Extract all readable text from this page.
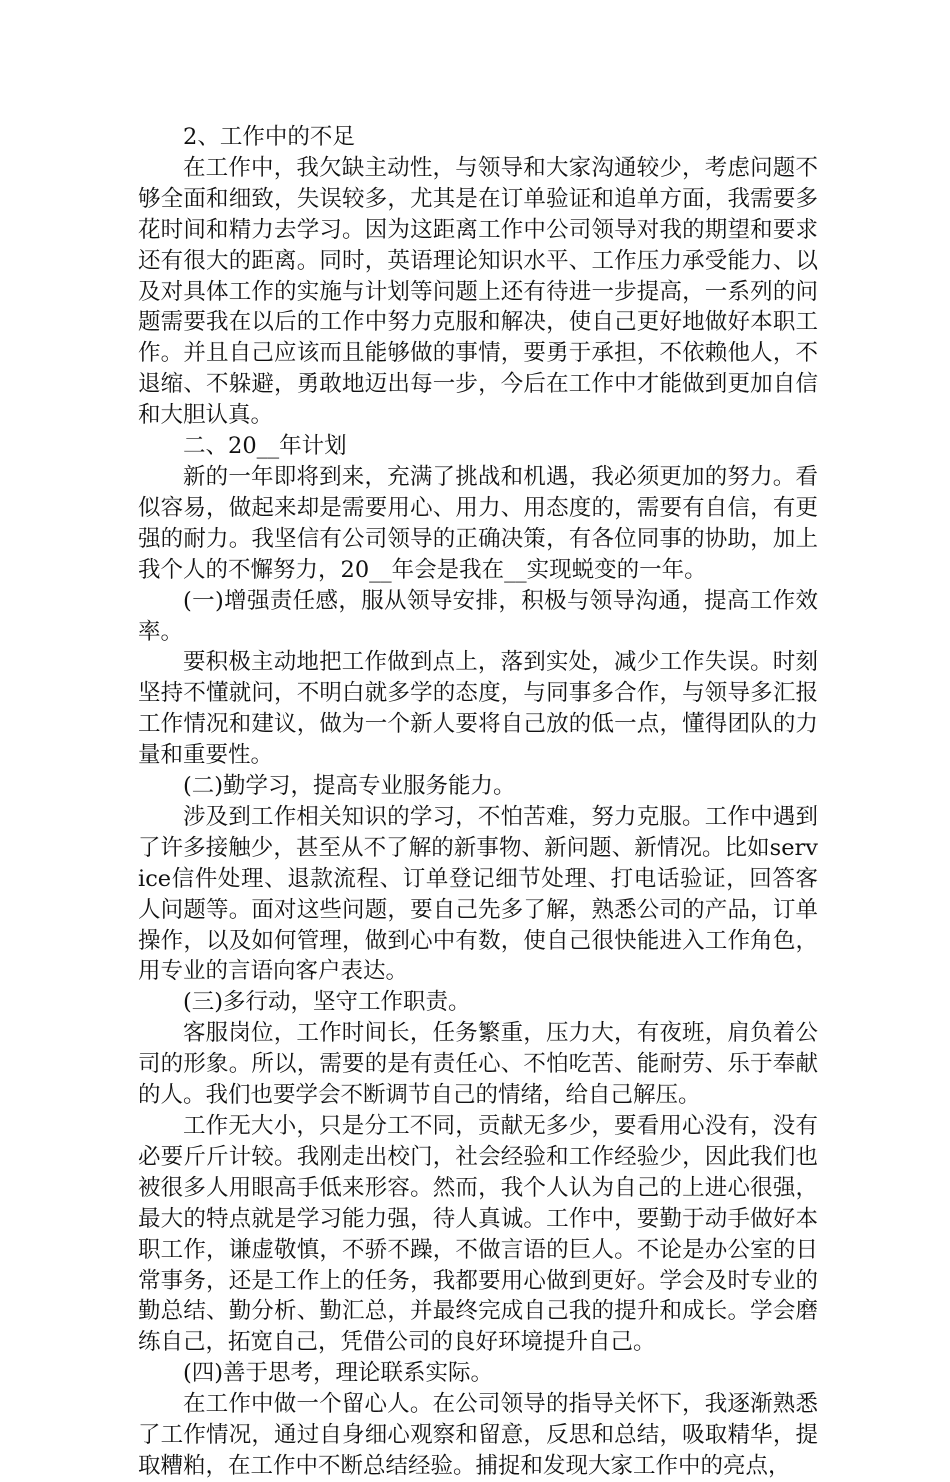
2、工作中的不足

在工作中，我欠缺主动性，与领导和大家沟通较少，考虑问题不够全面和细致，失误较多，尤其是在订单验证和追单方面，我需要多花时间和精力去学习。因为这距离工作中公司领导对我的期望和要求还有很大的距离。同时，英语理论知识水平、工作压力承受能力、以及对具体工作的实施与计划等问题上还有待进一步提高，一系列的问题需要我在以后的工作中努力克服和解决，使自己更好地做好本职工作。并且自己应该而且能够做的事情，要勇于承担，不依赖他人，不退缩、不躲避，勇敢地迈出每一步，今后在工作中才能做到更加自信和大胆认真。

二、20__年计划

新的一年即将到来，充满了挑战和机遇，我必须更加的努力。看似容易，做起来却是需要用心、用力、用态度的，需要有自信，有更强的耐力。我坚信有公司领导的正确决策，有各位同事的协助，加上我个人的不懈努力，20__年会是我在__实现蜕变的一年。

(一)增强责任感，服从领导安排，积极与领导沟通，提高工作效率。

要积极主动地把工作做到点上，落到实处，减少工作失误。时刻坚持不懂就问，不明白就多学的态度，与同事多合作，与领导多汇报工作情况和建议，做为一个新人要将自己放的低一点，懂得团队的力量和重要性。

(二)勤学习，提高专业服务能力。

涉及到工作相关知识的学习，不怕苦难，努力克服。工作中遇到了许多接触少，甚至从不了解的新事物、新问题、新情况。比如service信件处理、退款流程、订单登记细节处理、打电话验证，回答客人问题等。面对这些问题，要自己先多了解，熟悉公司的产品，订单操作，以及如何管理，做到心中有数，使自己很快能进入工作角色，用专业的言语向客户表达。

(三)多行动，坚守工作职责。

客服岗位，工作时间长，任务繁重，压力大，有夜班，肩负着公司的形象。所以，需要的是有责任心、不怕吃苦、能耐劳、乐于奉献的人。我们也要学会不断调节自己的情绪，给自己解压。

工作无大小，只是分工不同，贡献无多少，要看用心没有，没有必要斤斤计较。我刚走出校门，社会经验和工作经验少，因此我们也被很多人用眼高手低来形容。然而，我个人认为自己的上进心很强，最大的特点就是学习能力强，待人真诚。工作中，要勤于动手做好本职工作，谦虚敬慎，不骄不躁，不做言语的巨人。不论是办公室的日常事务，还是工作上的任务，我都要用心做到更好。学会及时专业的勤总结、勤分析、勤汇总，并最终完成自己我的提升和成长。学会磨练自己，拓宽自己，凭借公司的良好环境提升自己。

(四)善于思考，理论联系实际。

在工作中做一个留心人。在公司领导的指导关怀下，我逐渐熟悉了工作情况，通过自身细心观察和留意，反思和总结，吸取精华，提取糟粕，在工作中不断总结经验。捕捉和发现大家工作中的亮点，
